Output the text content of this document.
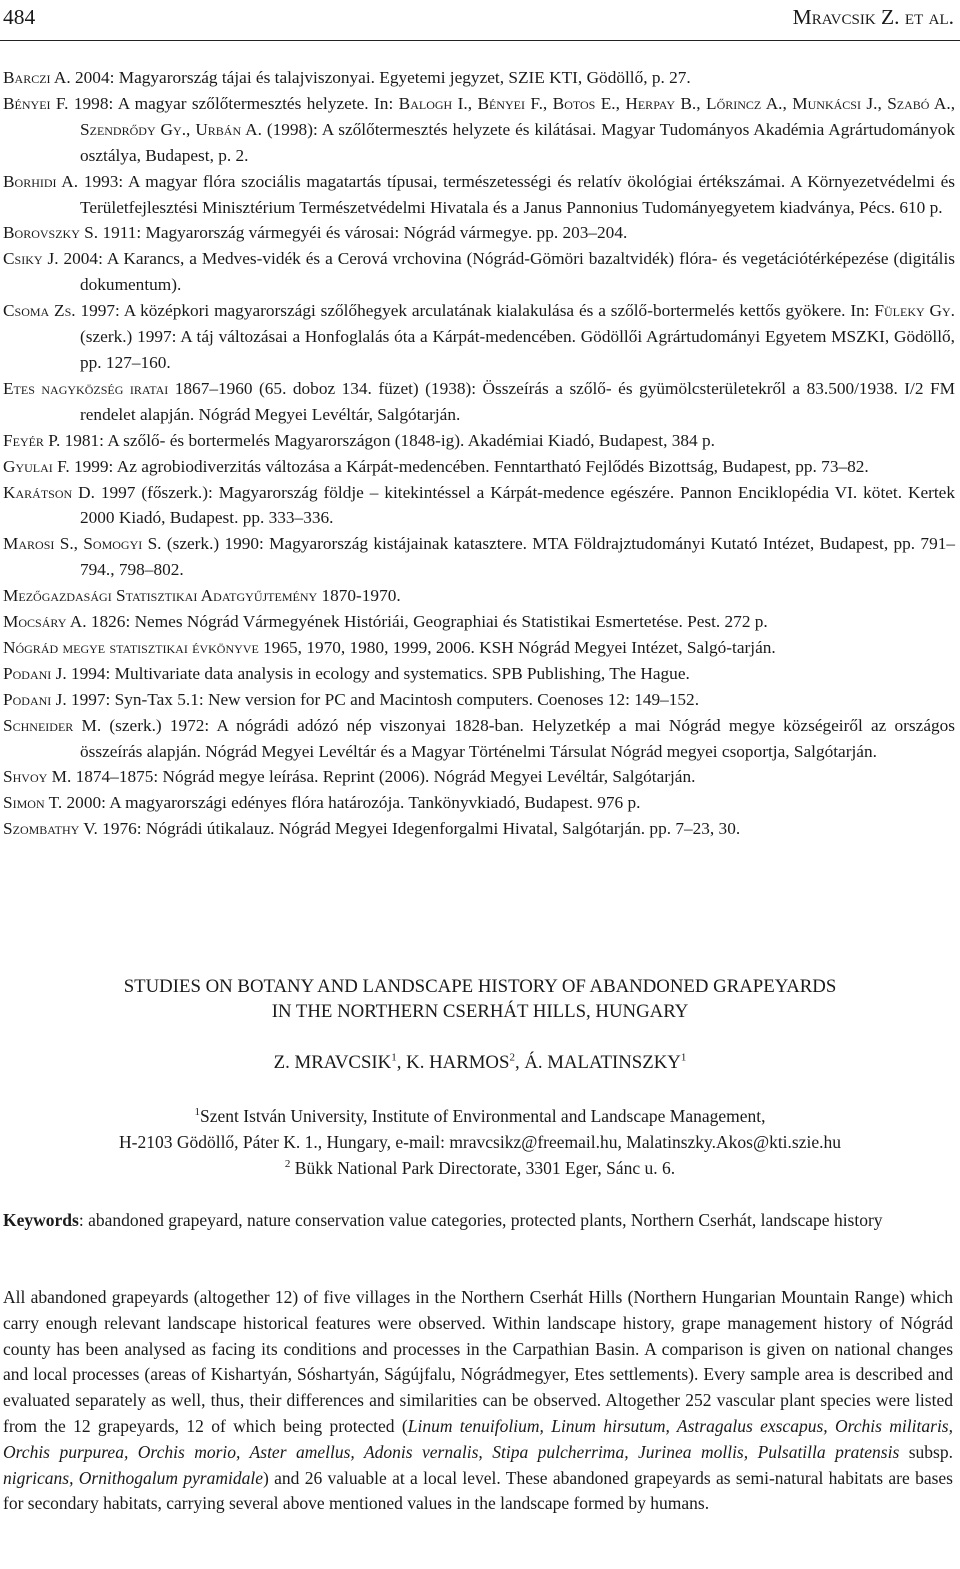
484	Mravcsik Z. et al.
Barczi A. 2004: Magyarország tájai és talajviszonyai. Egyetemi jegyzet, SZIE KTI, Gödöllő, p. 27.
Bényei F. 1998: A magyar szőlőtermesztés helyzete. In: Balogh I., Bényei F., Botos E., Herpay B., Lőrincz A., Munkácsi J., Szabó A., Szendrődy Gy., Urbán A. (1998): A szőlőtermesztés helyzete és kilátásai. Magyar Tudományos Akadémia Agrártudományok osztálya, Budapest, p. 2.
Borhidi A. 1993: A magyar flóra szociális magatartás típusai, természetességi és relatív ökológiai értékszámai. A Környezetvédelmi és Területfejlesztési Minisztérium Természetvédelmi Hivatala és a Janus Pannonius Tudományegyetem kiadványa, Pécs. 610 p.
Borovszky S. 1911: Magyarország vármegyéi és városai: Nógrád vármegye. pp. 203–204.
Csiky J. 2004: A Karancs, a Medves-vidék és a Cerová vrchovina (Nógrád-Gömöri bazaltvidék) flóra- és vegetációtérképezése (digitális dokumentum).
Csoma Zs. 1997: A középkori magyarországi szőlőhegyek arculatának kialakulása és a szőlő-bortermelés kettős gyökere. In: Füleky Gy. (szerk.) 1997: A táj változásai a Honfoglalás óta a Kárpát-medencében. Gödöllői Agrártudományi Egyetem MSZKI, Gödöllő, pp. 127–160.
Etes nagyközség iratai 1867–1960 (65. doboz 134. füzet) (1938): Összeírás a szőlő- és gyümölcsterületekről a 83.500/1938. I/2 FM rendelet alapján. Nógrád Megyei Levéltár, Salgótarján.
Feyér P. 1981: A szőlő- és bortermelés Magyarországon (1848-ig). Akadémiai Kiadó, Budapest, 384 p.
Gyulai F. 1999: Az agrobiodiverzitás változása a Kárpát-medencében. Fenntartható Fejlődés Bizottság, Budapest, pp. 73–82.
Karátson D. 1997 (főszerk.): Magyarország földje – kitekintéssel a Kárpát-medence egészére. Pannon Enciklopédia VI. kötet. Kertek 2000 Kiadó, Budapest. pp. 333–336.
Marosi S., Somogyi S. (szerk.) 1990: Magyarország kistájainak katasztere. MTA Földrajztudományi Kutató Intézet, Budapest, pp. 791–794., 798–802.
Mezőgazdasági Statisztikai Adatgyűjtemény 1870-1970.
Mocsáry A. 1826: Nemes Nógrád Vármegyének Históriái, Geographiai és Statistikai Esmertetése. Pest. 272 p.
Nógrád megye statisztikai évkönyve 1965, 1970, 1980, 1999, 2006. KSH Nógrád Megyei Intézet, Salgó-tarján.
Podani J. 1994: Multivariate data analysis in ecology and systematics. SPB Publishing, The Hague.
Podani J. 1997: Syn-Tax 5.1: New version for PC and Macintosh computers. Coenoses 12: 149–152.
Schneider M. (szerk.) 1972: A nógrádi adózó nép viszonyai 1828-ban. Helyzetkép a mai Nógrád megye községeiről az országos összeírás alapján. Nógrád Megyei Levéltár és a Magyar Történelmi Társulat Nógrád megyei csoportja, Salgótarján.
Shvoy M. 1874–1875: Nógrád megye leírása. Reprint (2006). Nógrád Megyei Levéltár, Salgótarján.
Simon T. 2000: A magyarországi edényes flóra határozója. Tankönyvkiadó, Budapest. 976 p.
Szombathy V. 1976: Nógrádi útikalauz. Nógrád Megyei Idegenforgalmi Hivatal, Salgótarján. pp. 7–23, 30.
STUDIES ON BOTANY AND LANDSCAPE HISTORY OF ABANDONED GRAPEYARDS
IN THE NORTHERN CSERHÁT HILLS, HUNGARY
Z. MRAVCSIK$^1$, K. HARMOS$^2$, Á. MALATINSZKY$^1$
$^1$Szent István University, Institute of Environmental and Landscape Management,
H-2103 Gödöllő, Páter K. 1., Hungary, e-mail: mravcsikz@freemail.hu, Malatinszky.Akos@kti.szie.hu
$^2$ Bükk National Park Directorate, 3301 Eger, Sánc u. 6.
Keywords: abandoned grapeyard, nature conservation value categories, protected plants, Northern Cserhát, landscape history
All abandoned grapeyards (altogether 12) of five villages in the Northern Cserhát Hills (Northern Hungarian Mountain Range) which carry enough relevant landscape historical features were observed. Within landscape history, grape management history of Nógrád county has been analysed as facing its conditions and processes in the Carpathian Basin. A comparison is given on national changes and local processes (areas of Kishartyán, Sóshartyán, Ságújfalu, Nógrádmegyer, Etes settlements). Every sample area is described and evaluated separately as well, thus, their differences and similarities can be observed. Altogether 252 vascular plant species were listed from the 12 grapeyards, 12 of which being protected (Linum tenuifolium, Linum hirsutum, Astragalus exscapus, Orchis militaris, Orchis purpurea, Orchis morio, Aster amellus, Adonis vernalis, Stipa pulcherrima, Jurinea mollis, Pulsatilla pratensis subsp. nigricans, Ornithogalum pyramidale) and 26 valuable at a local level. These abandoned grapeyards as semi-natural habitats are bases for secondary habitats, carrying several above mentioned values in the landscape formed by humans.
